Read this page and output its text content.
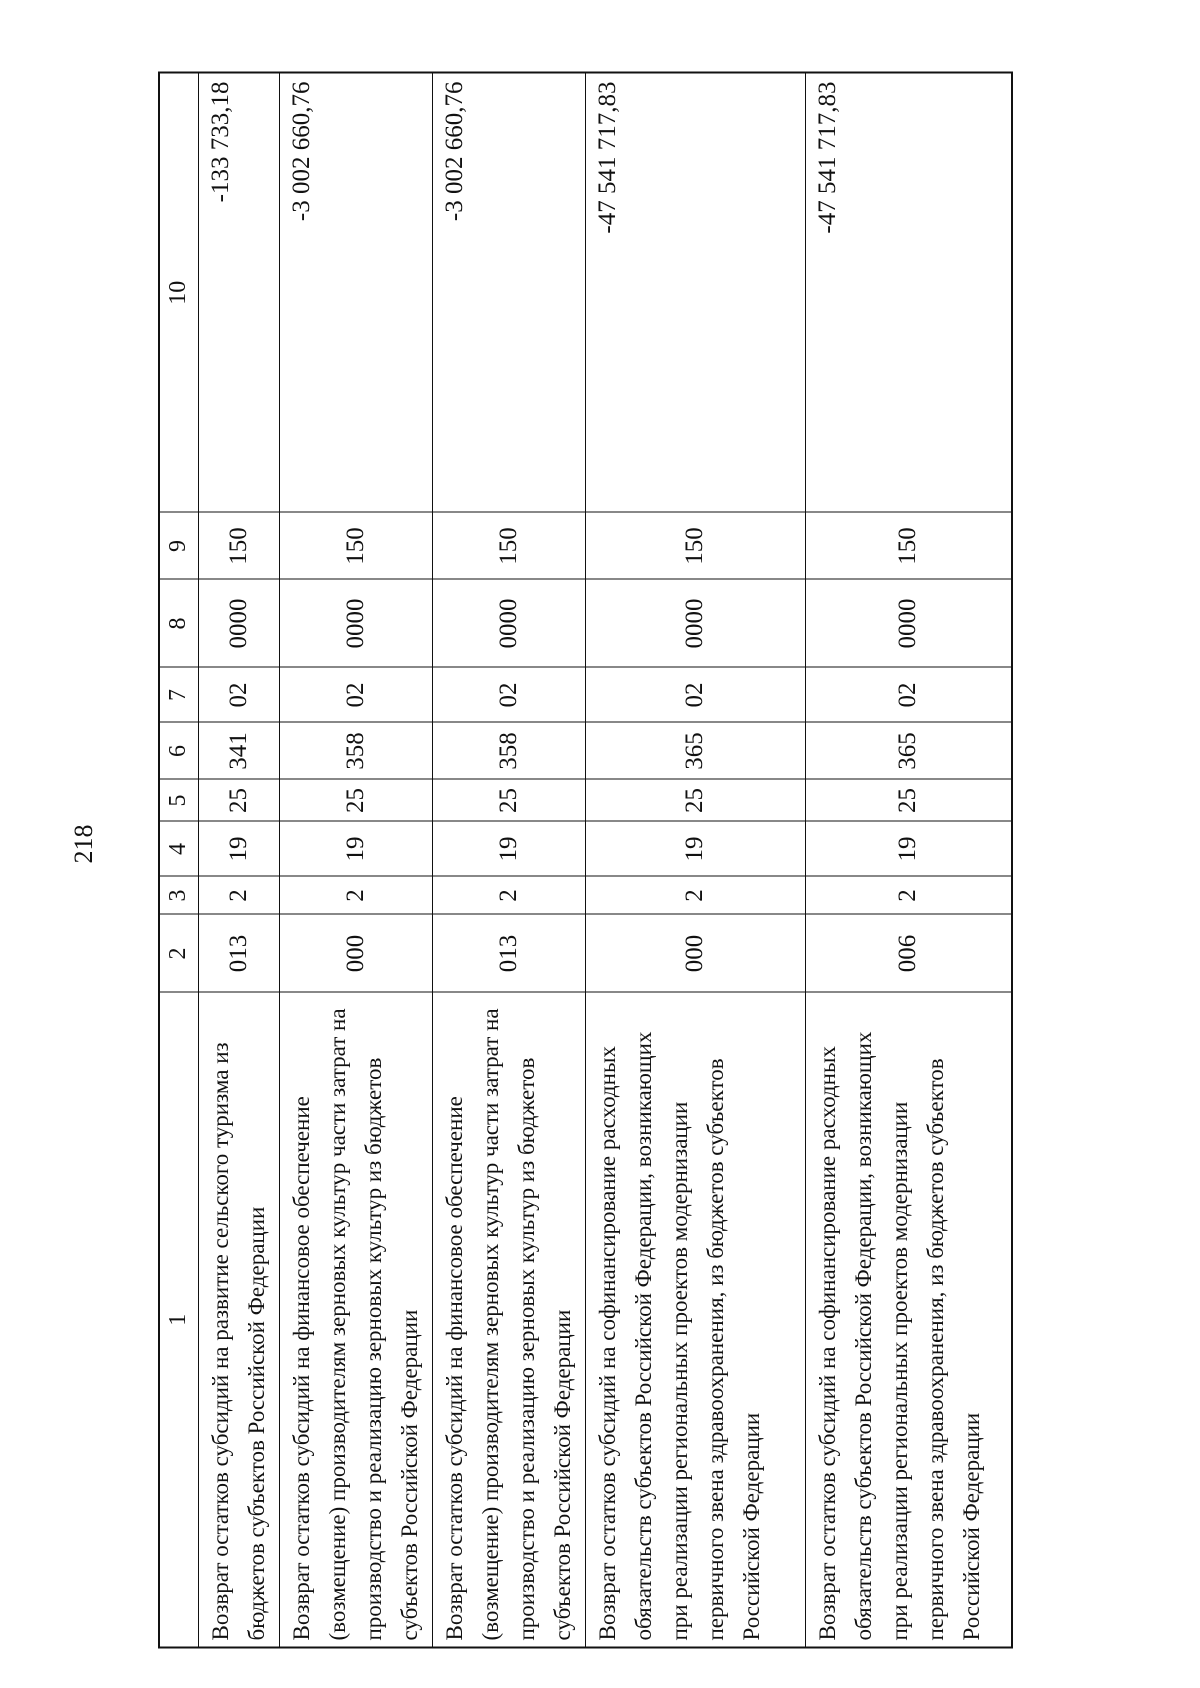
218
1	2	3	4	5	6	7	8	9	10
Возврат остатков субсидий на развитие сельского туризма из бюджетов субъектов Российской Федерации	013	2	19	25	341	02	0000	150	-133 733,18
Возврат остатков субсидий на финансовое обеспечение (возмещение) производителям зерновых культур части затрат на производство и реализацию зерновых культур из бюджетов субъектов Российской Федерации	000	2	19	25	358	02	0000	150	-3 002 660,76
Возврат остатков субсидий на финансовое обеспечение (возмещение) производителям зерновых культур части затрат на производство и реализацию зерновых культур из бюджетов субъектов Российской Федерации	013	2	19	25	358	02	0000	150	-3 002 660,76
Возврат остатков субсидий на софинансирование расходных обязательств субъектов Российской Федерации, возникающих при реализации региональных проектов модернизации первичного звена здравоохранения, из бюджетов субъектов Российской Федерации	000	2	19	25	365	02	0000	150	-47 541 717,83
Возврат остатков субсидий на софинансирование расходных обязательств субъектов Российской Федерации, возникающих при реализации региональных проектов модернизации первичного звена здравоохранения, из бюджетов субъектов Российской Федерации	006	2	19	25	365	02	0000	150	-47 541 717,83
